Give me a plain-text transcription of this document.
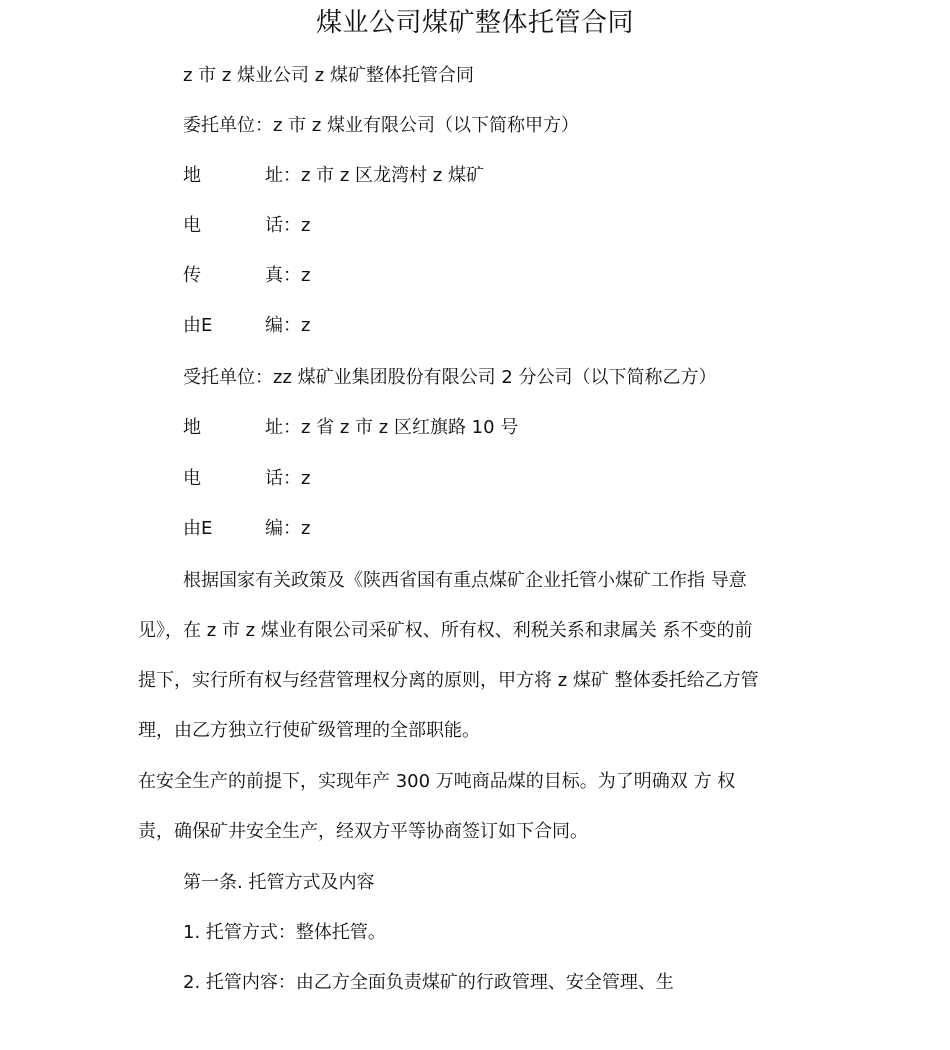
煤业公司煤矿整体托管合同
z 市 z 煤业公司 z 煤矿整体托管合同
委托单位：z 市 z 煤业有限公司（以下简称甲方）
地	址：z 市 z 区龙湾村 z 煤矿
电	话：z
传	真：z
由E	编：z
受托单位：zz 煤矿业集团股份有限公司 2 分公司（以下简称乙方）
地	址：z 省 z 市 z 区红旗路 10 号
电	话：z
由E	编：z
根据国家有关政策及《陕西省国有重点煤矿企业托管小煤矿工作指 导意
见》，在 z 市 z 煤业有限公司采矿权、所有权、利税关系和隶属关 系不变的前
提下，实行所有权与经营管理权分离的原则，甲方将 z 煤矿 整体委托给乙方管
理，由乙方独立行使矿级管理的全部职能。
在安全生产的前提下，实现年产 300 万吨商品煤的目标。为了明确双 方 权
责，确保矿井安全生产，经双方平等协商签订如下合同。
第一条. 托管方式及内容
1. 托管方式：整体托管。
2. 托管内容：由乙方全面负责煤矿的行政管理、安全管理、生
